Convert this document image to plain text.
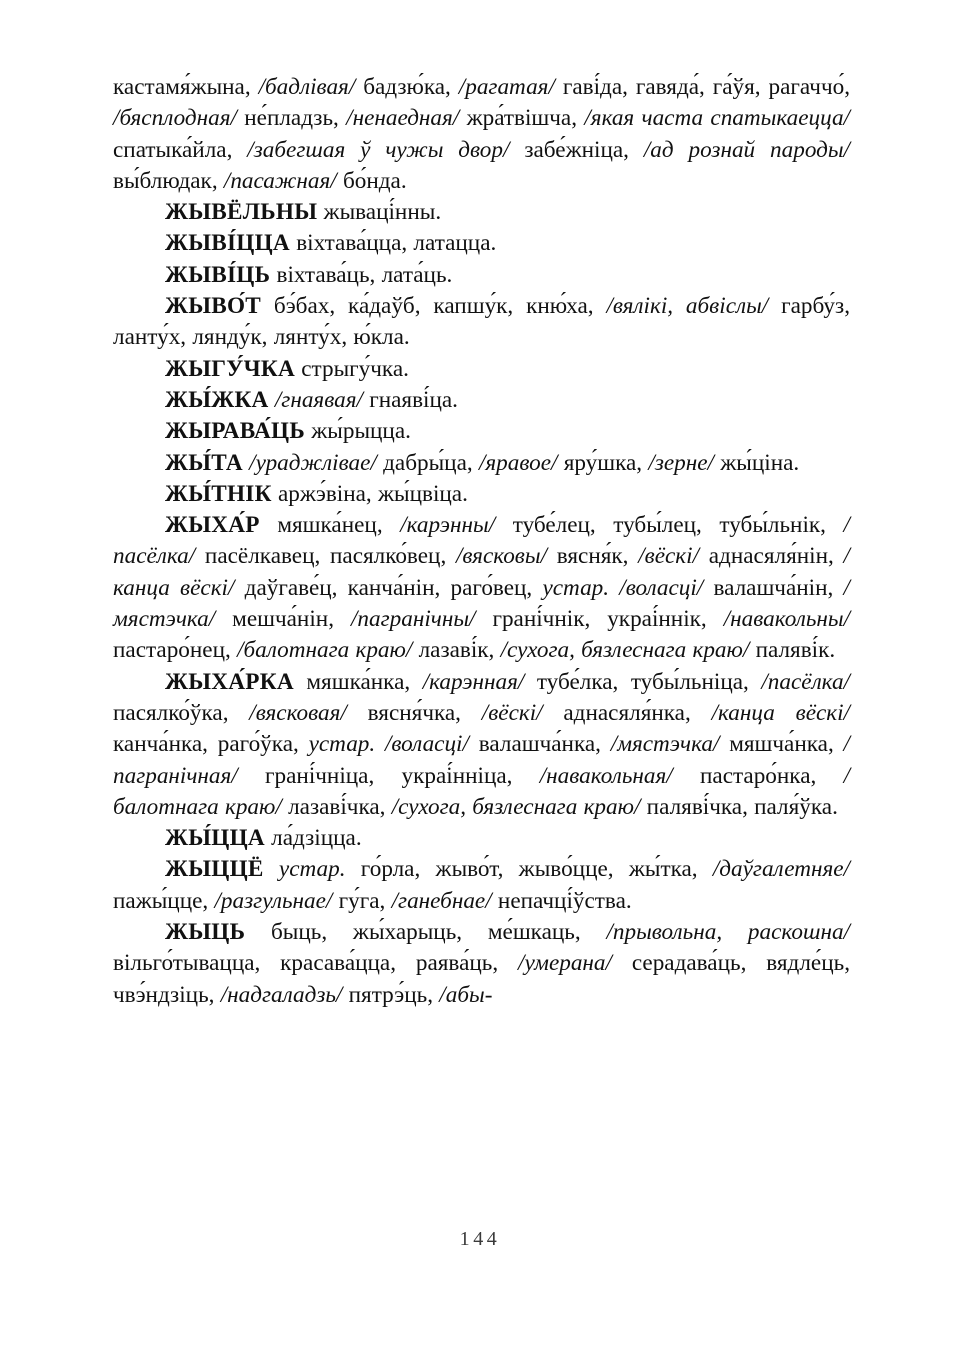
кастамя́жына, /бадлівая/ бадзю́ка, /рагатая/ гаві́да, гавяда́, га́ўя, рагаччо́, /бясплодная/ не́пладзь, /ненаедная/ жра́твішча, /якая часта спатыкаецца/ спатыка́йла, /забегшая ў чужы двор/ забе́жніца, /ад рознай пароды/ вы́блюдак, /пасажная/ бо́нда.

ЖЫВЁЛЬНЫ жываці́нны.

ЖЫВІ́ЦЦА віхтава́цца, латацца.

ЖЫВІ́ЦЬ віхтава́ць, лата́ць.

ЖЫВО́Т бэ́бах, ка́даўб, капшу́к, кню́ха, /вялікі, абвіслы/ гарбу́з, ланту́х, лянду́к, лянту́х, ю́кла.

ЖЫГУ́ЧКА стрыгу́чка.

ЖЫ́ЖКА /гнаявая/ гнаяві́ца.

ЖЫРАВА́ЦЬ жы́рыцца.

ЖЫ́ТА /ураджлівае/ дабры́ца, /яравое/ яру́шка, /зерне/ жы́ціна.

ЖЫ́ТНІК аржэ́віна, жы́цвіца.

ЖЫХА́Р мяшка́нец, /карэнны/ тубе́лец, тубы́лец, тубы́льнік, /пасёлка/ пасёлкавец, пасялко́вец, /вясковы/ вясня́к, /вёскі/ аднасяля́нін, /канца вёскі/ даўгаве́ц, канча́нін, раго́вец, устар. /воласці/ валашча́нін, /мястэчка/ мешча́нін, /пагранічны/ грані́чнік, украі́ннік, /навакольны/ пастаро́нец, /балотнага краю/ лазаві́к, /сухога, бязлеснага краю/ паляві́к.

ЖЫХА́РКА мяшка́нка, /карэнная/ тубе́лка, тубы́льніца, /пасёлка/ пасялко́ўка, /вясковая/ вясня́чка, /вёскі/ аднасяля́нка, /канца вёскі/ канча́нка, раго́ўка, устар. /воласці/ валашча́нка, /мястэчка/ мяшча́нка, /пагранічная/ грані́чніца, украі́нніца, /навакольная/ пастаро́нка, /балотнага краю/ лазаві́чка, /сухога, бязлеснага краю/ паляві́чка, паля́ўка.

ЖЫ́ЦЦА ла́дзіцца.

ЖЫЦЦЁ устар. го́рла, жыво́т, жыво́цце, жы́тка, /даўгалетняе/ пажы́цце, /разгульнае/ гу́га, /ганебнае/ непачці́ўства.

ЖЫЦЬ быць, жы́харыць, ме́шкаць, /прывольна, раскошна/ вільго́тывацца, красава́цца, раява́ць, /умерана/ серадава́ць, вядле́ць, чвэ́ндзіць, /надгаладзь/ пятрэ́ць, /абы-

144
